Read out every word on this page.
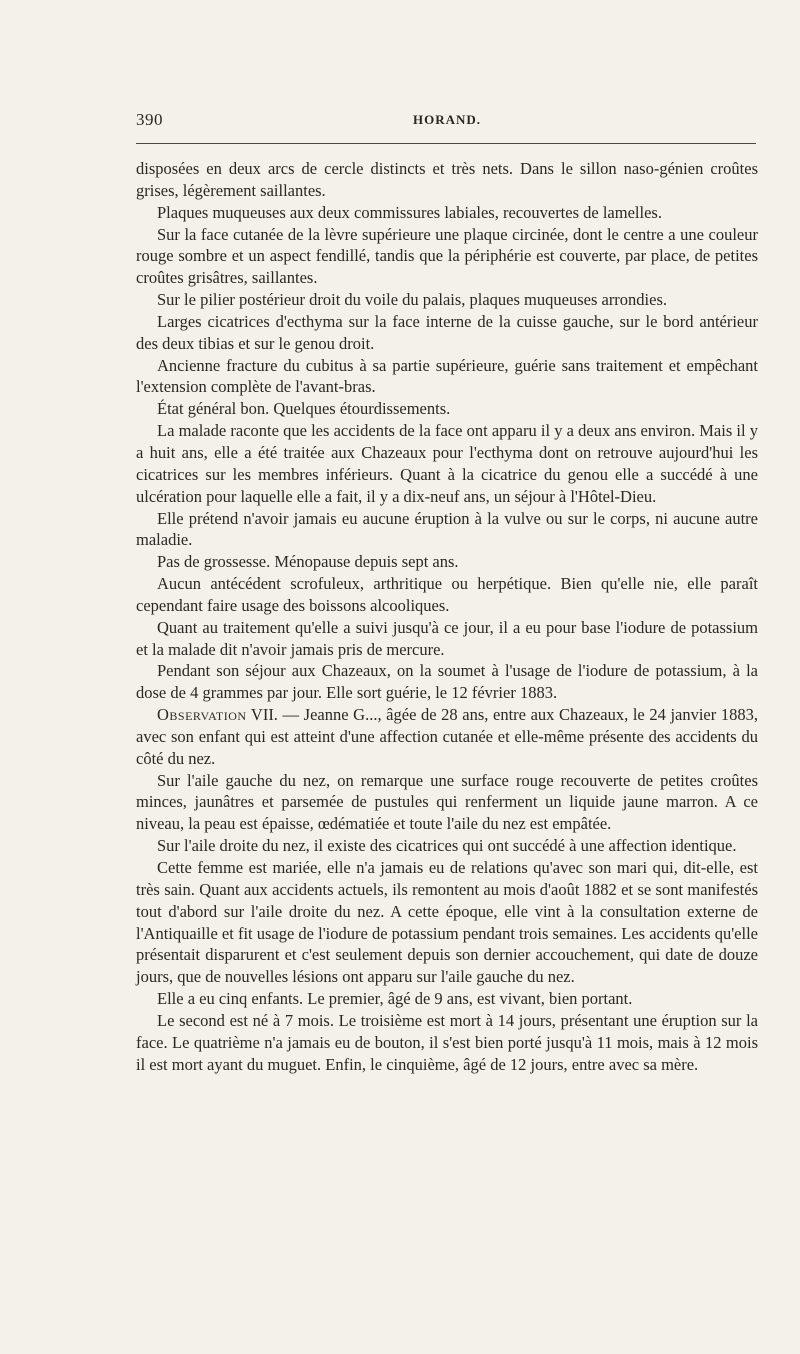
390	HORAND.

disposées en deux arcs de cercle distincts et très nets. Dans le sillon naso-génien croûtes grises, légèrement saillantes.

Plaques muqueuses aux deux commissures labiales, recouvertes de lamelles.

Sur la face cutanée de la lèvre supérieure une plaque circinée, dont le centre a une couleur rouge sombre et un aspect fendillé, tandis que la périphérie est couverte, par place, de petites croûtes grisâtres, saillantes.

Sur le pilier postérieur droit du voile du palais, plaques muqueuses arrondies.

Larges cicatrices d'ecthyma sur la face interne de la cuisse gauche, sur le bord antérieur des deux tibias et sur le genou droit.

Ancienne fracture du cubitus à sa partie supérieure, guérie sans traitement et empêchant l'extension complète de l'avant-bras.

État général bon. Quelques étourdissements.

La malade raconte que les accidents de la face ont apparu il y a deux ans environ. Mais il y a huit ans, elle a été traitée aux Chazeaux pour l'ecthyma dont on retrouve aujourd'hui les cicatrices sur les membres inférieurs. Quant à la cicatrice du genou elle a succédé à une ulcération pour laquelle elle a fait, il y a dix-neuf ans, un séjour à l'Hôtel-Dieu.

Elle prétend n'avoir jamais eu aucune éruption à la vulve ou sur le corps, ni aucune autre maladie.

Pas de grossesse. Ménopause depuis sept ans.

Aucun antécédent scrofuleux, arthritique ou herpétique. Bien qu'elle nie, elle paraît cependant faire usage des boissons alcooliques.

Quant au traitement qu'elle a suivi jusqu'à ce jour, il a eu pour base l'iodure de potassium et la malade dit n'avoir jamais pris de mercure.

Pendant son séjour aux Chazeaux, on la soumet à l'usage de l'iodure de potassium, à la dose de 4 grammes par jour. Elle sort guérie, le 12 février 1883.

Observation VII. — Jeanne G..., âgée de 28 ans, entre aux Chazeaux, le 24 janvier 1883, avec son enfant qui est atteint d'une affection cutanée et elle-même présente des accidents du côté du nez.

Sur l'aile gauche du nez, on remarque une surface rouge recouverte de petites croûtes minces, jaunâtres et parsemée de pustules qui renferment un liquide jaune marron. A ce niveau, la peau est épaisse, œdématiée et toute l'aile du nez est empâtée.

Sur l'aile droite du nez, il existe des cicatrices qui ont succédé à une affection identique.

Cette femme est mariée, elle n'a jamais eu de relations qu'avec son mari qui, dit-elle, est très sain. Quant aux accidents actuels, ils remontent au mois d'août 1882 et se sont manifestés tout d'abord sur l'aile droite du nez. A cette époque, elle vint à la consultation externe de l'Antiquaille et fit usage de l'iodure de potassium pendant trois semaines. Les accidents qu'elle présentait disparurent et c'est seulement depuis son dernier accouchement, qui date de douze jours, que de nouvelles lésions ont apparu sur l'aile gauche du nez.

Elle a eu cinq enfants. Le premier, âgé de 9 ans, est vivant, bien portant.

Le second est né à 7 mois. Le troisième est mort à 14 jours, présentant une éruption sur la face. Le quatrième n'a jamais eu de bouton, il s'est bien porté jusqu'à 11 mois, mais à 12 mois il est mort ayant du muguet. Enfin, le cinquième, âgé de 12 jours, entre avec sa mère.
